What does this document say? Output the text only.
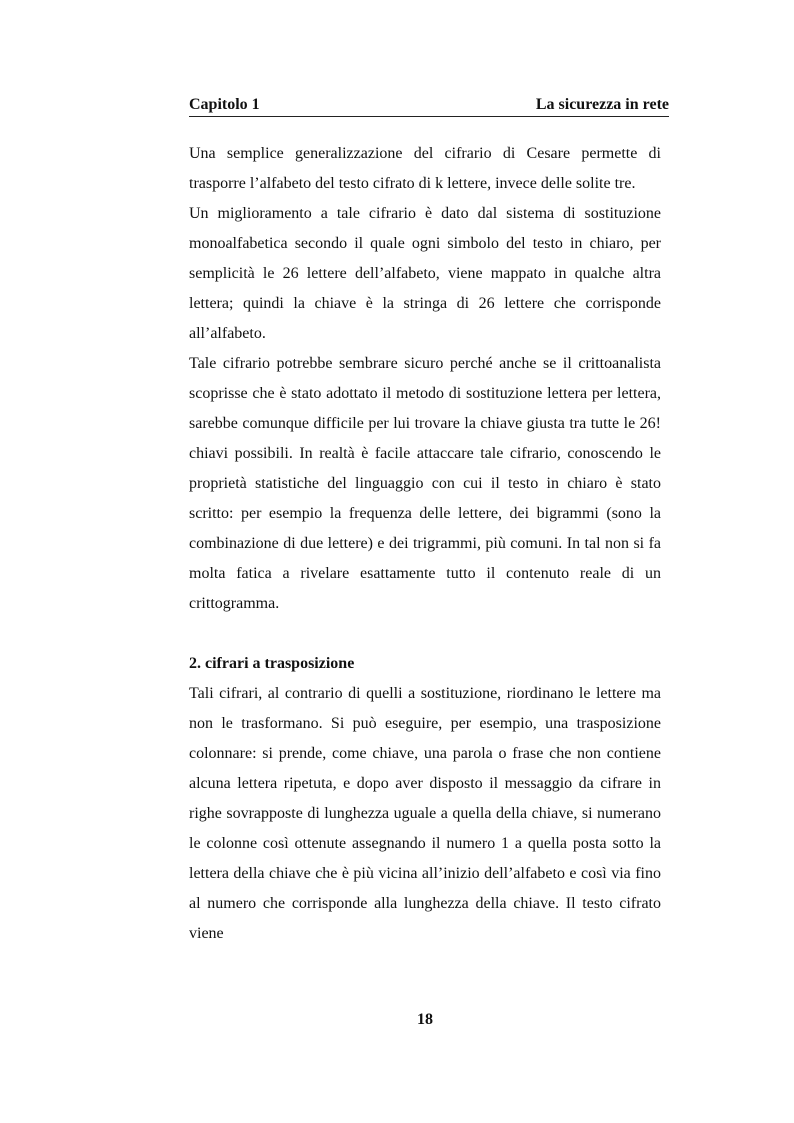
Capitolo 1	La sicurezza in rete

Una semplice generalizzazione del cifrario di Cesare permette di trasporre l’alfabeto del testo cifrato di k lettere, invece delle solite tre.

Un miglioramento a tale cifrario è dato dal sistema di sostituzione monoalfabetica secondo il quale ogni simbolo del testo in chiaro, per semplicità le 26 lettere dell’alfabeto, viene mappato in qualche altra lettera; quindi la chiave è la stringa di 26 lettere che corrisponde all’alfabeto.

Tale cifrario potrebbe sembrare sicuro perché anche se il crittoanalista scoprisse che è stato adottato il metodo di sostituzione lettera per lettera, sarebbe comunque difficile per lui trovare la chiave giusta tra tutte le 26! chiavi possibili. In realtà è facile attaccare tale cifrario, conoscendo le proprietà statistiche del linguaggio con cui il testo in chiaro è stato scritto: per esempio la frequenza delle lettere, dei bigrammi (sono la combinazione di due lettere) e dei trigrammi, più comuni. In tal non si fa molta fatica a rivelare esattamente tutto il contenuto reale di un crittogramma.

2. cifrari a trasposizione

Tali cifrari, al contrario di quelli a sostituzione, riordinano le lettere ma non le trasformano. Si può eseguire, per esempio, una trasposizione colonnare: si prende, come chiave, una parola o frase che non contiene alcuna lettera ripetuta, e dopo aver disposto il messaggio da cifrare in righe sovrapposte di lunghezza uguale a quella della chiave, si numerano le colonne così ottenute assegnando il numero 1 a quella posta sotto la lettera della chiave che è più vicina all’inizio dell’alfabeto e così via fino al numero che corrisponde alla lunghezza della chiave. Il testo cifrato viene

18
